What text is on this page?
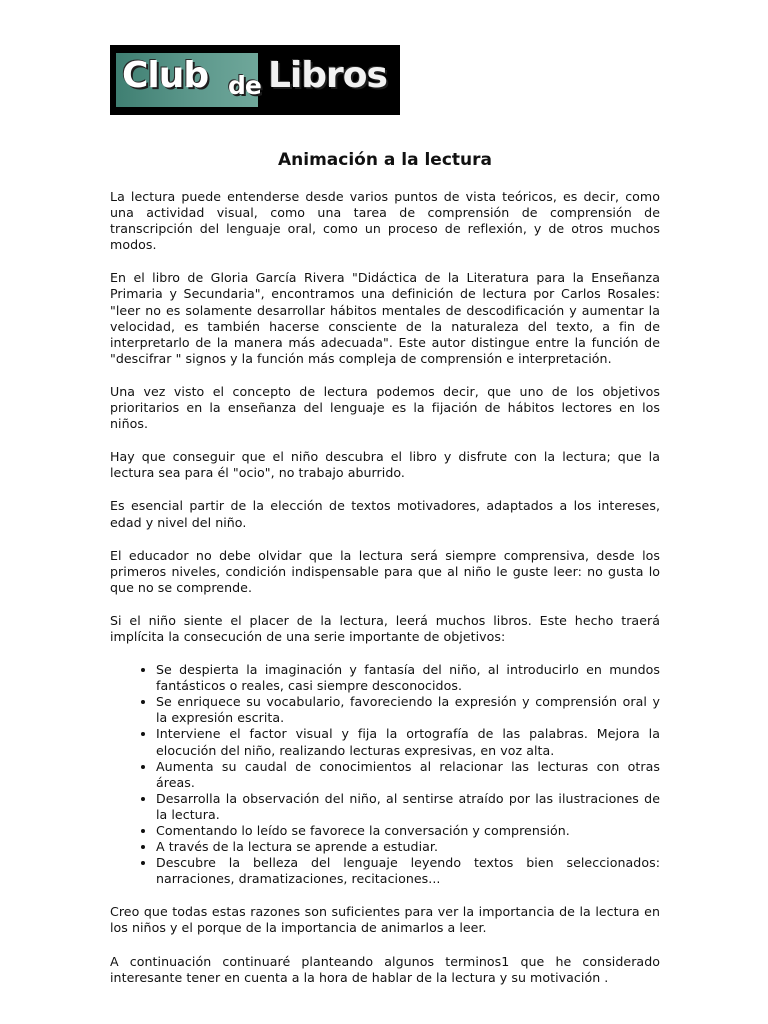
Club de Libros
Animación a la lectura

La lectura puede entenderse desde varios puntos de vista teóricos, es decir, como una actividad visual, como una tarea de comprensión de comprensión de transcripción del lenguaje oral, como un proceso de reflexión, y de otros muchos modos.

En el libro de Gloria García Rivera "Didáctica de la Literatura para la Enseñanza Primaria y Secundaria", encontramos una definición de lectura por Carlos Rosales: "leer no es solamente desarrollar hábitos mentales de descodificación y aumentar la velocidad, es también hacerse consciente de la naturaleza del texto, a fin de interpretarlo de la manera más adecuada". Este autor distingue entre la función de "descifrar " signos y la función más compleja de comprensión e interpretación.

Una vez visto el concepto de lectura podemos decir, que uno de los objetivos prioritarios en la enseñanza del lenguaje es la fijación de hábitos lectores en los niños.

Hay que conseguir que el niño descubra el libro y disfrute con la lectura; que la lectura sea para él "ocio", no trabajo aburrido.

Es esencial partir de la elección de textos motivadores, adaptados a los intereses, edad y nivel del niño.

El educador no debe olvidar que la lectura será siempre comprensiva, desde los primeros niveles, condición indispensable para que al niño le guste leer: no gusta lo que no se comprende.

Si el niño siente el placer de la lectura, leerá muchos libros. Este hecho traerá implícita la consecución de una serie importante de objetivos:

• Se despierta la imaginación y fantasía del niño, al introducirlo en mundos fantásticos o reales, casi siempre desconocidos.
• Se enriquece su vocabulario, favoreciendo la expresión y comprensión oral y la expresión escrita.
• Interviene el factor visual y fija la ortografía de las palabras. Mejora la elocución del niño, realizando lecturas expresivas, en voz alta.
• Aumenta su caudal de conocimientos al relacionar las lecturas con otras áreas.
• Desarrolla la observación del niño, al sentirse atraído por las ilustraciones de la lectura.
• Comentando lo leído se favorece la conversación y comprensión.
• A través de la lectura se aprende a estudiar.
• Descubre la belleza del lenguaje leyendo textos bien seleccionados: narraciones, dramatizaciones, recitaciones...

Creo que todas estas razones son suficientes para ver la importancia de la lectura en los niños y el porque de la importancia de animarlos a leer.

A continuación continuaré planteando algunos terminos1 que he considerado interesante tener en cuenta a la hora de hablar de la lectura y su motivación .
